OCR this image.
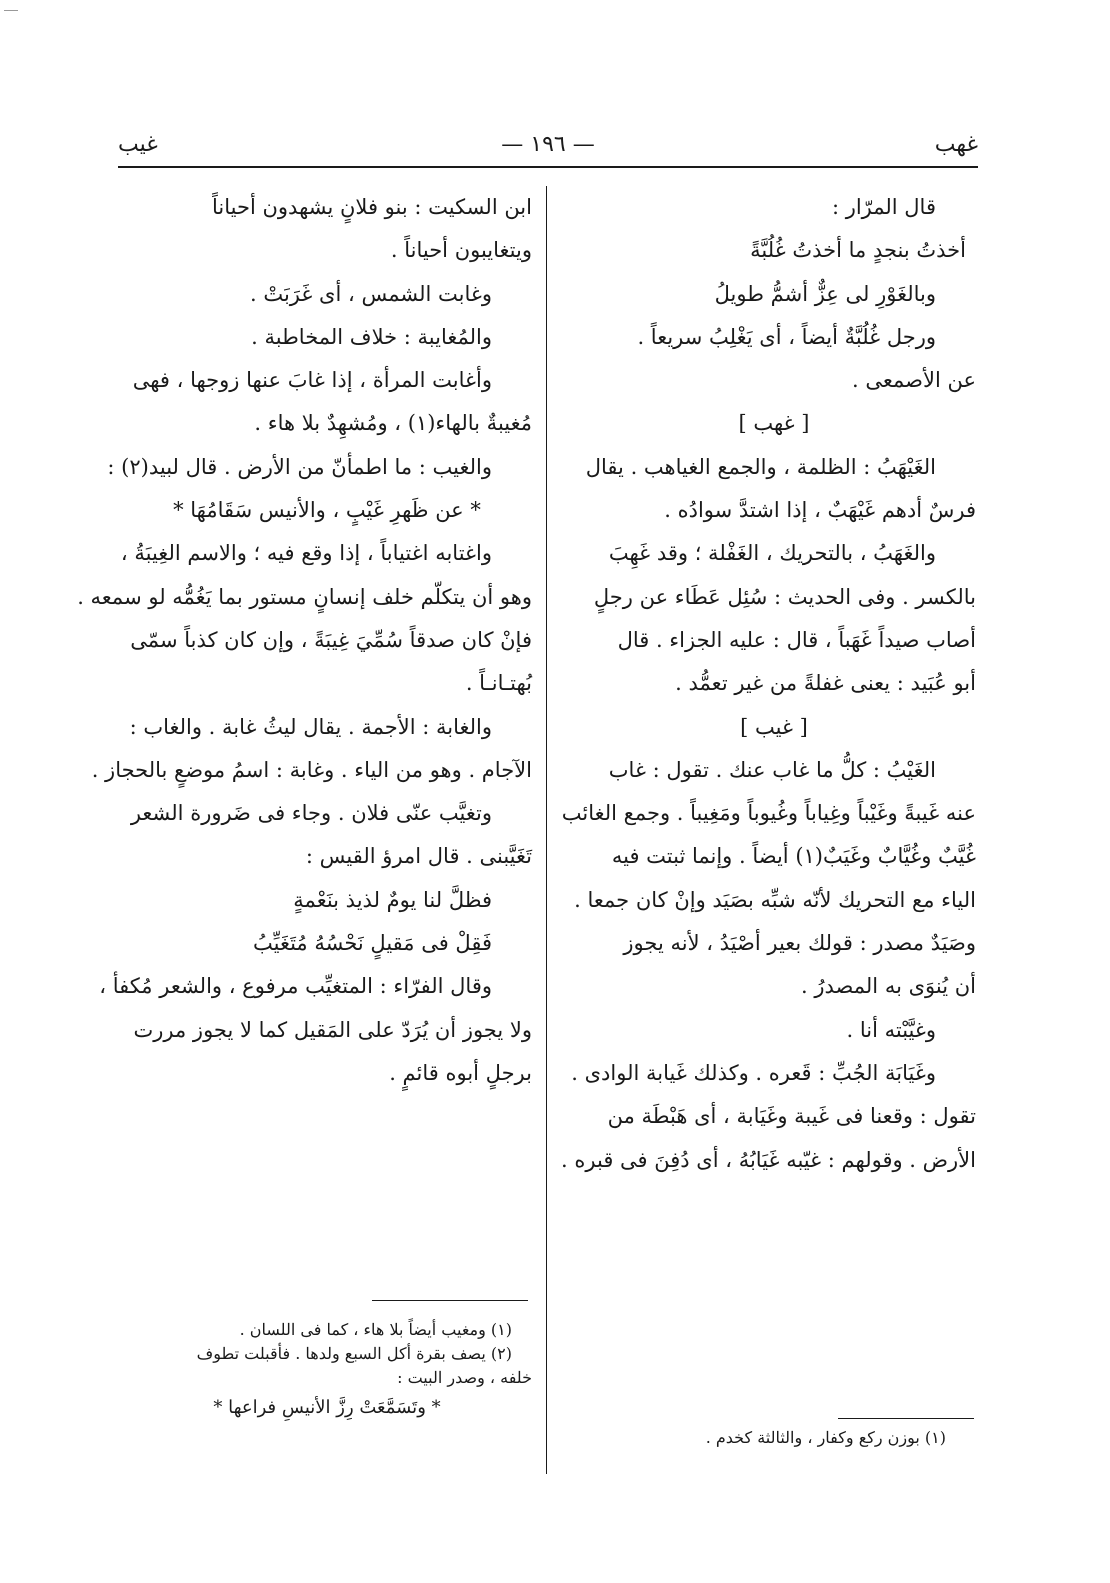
غهب
— ١٩٦ —
غيب
قال المرّار :
أخذتُ بنجدٍ ما أخذتُ غُلُبَّةً
وبالغَوْرِ لى عِزٌّ أشمُّ طويلُ
ورجل غُلُبَّةٌ أيضاً ، أى يَغْلِبُ سريعاً .
عن الأصمعى .
[ غهب ]
الغَيْهَبُ : الظلمة ، والجمع الغياهب . يقال
فرسٌ أدهم غَيْهَبٌ ، إذا اشتدَّ سوادُه .
والغَهَبُ ، بالتحريك ، الغَفْلة ؛ وقد غَهِبَ
بالكسر . وفى الحديث : سُئِل عَطَاء عن رجلٍ
أصاب صيداً غَهَباً ، قال : عليه الجزاء . قال
أبو عُبَيد : يعنى غفلةً من غير تعمُّد .
[ غيب ]
الغَيْبُ : كلُّ ما غاب عنك . تقول : غاب
عنه غَيبةً وغَيْباً وغِياباً وغُيوباً ومَغِيباً . وجمع الغائب
غُيَّبٌ وغُيَّابٌ وغَيَبٌ(١) أيضاً . وإنما ثبتت فيه
الياء مع التحريك لأنّه شبِّه بصَيَد وإنْ كان جمعا .
وصَيَدٌ مصدر : قولك بعير أصْيَدُ ، لأنه يجوز
أن يُنوَى به المصدرُ .
وغيَّبْته أنا .
وغَيَابَة الجُبِّ : قَعره . وكذلك غَيابة الوادى .
تقول : وقعنا فى غَيبة وغَيَابة ، أى هَبْطَة من
الأرض . وقولهم : غيّبه غَيَابُهُ ، أى دُفِنَ فى قبره .
(١) بوزن ركع وكفار ، والثالثة كخدم .
ابن السكيت : بنو فلانٍ يشهدون أحياناً
ويتغايبون أحياناً .
وغابت الشمس ، أى غَرَبَتْ .
والمُغايبة : خلاف المخاطبة .
وأغابت المرأة ، إذا غابَ عنها زوجها ، فهى
مُغيبةٌ بالهاء(١) ، ومُشهِدٌ بلا هاء .
والغيب : ما اطمأنّ من الأرض . قال لبيد(٢) :
* عن ظَهرِ غَيْبٍ ، والأنيس سَقَامُهَا *
واغتابه اغتياباً ، إذا وقع فيه ؛ والاسم الغِيبَةُ ،
وهو أن يتكلّم خلف إنسانٍ مستور بما يَغُمُّه لو سمعه .
فإنْ كان صدقاً سُمِّيَ غِيبَةً ، وإن كان كذباً سمّى
بُهتـانـاً .
والغابة : الأجمة . يقال ليثُ غابة . والغاب :
الآجام . وهو من الياء . وغابة : اسمُ موضعٍ بالحجاز .
وتغيَّب عنّى فلان . وجاء فى ضَرورة الشعر
تَغَيَّبنى . قال امرؤ القيس :
فظلَّ لنا يومٌ لذيذ بنَعْمةٍ
فَقِلْ فى مَقيلٍ نَحْسُهُ مُتَغَيِّبُ
وقال الفرّاء : المتغيِّب مرفوع ، والشعر مُكفأ ،
ولا يجوز أن يُرَدّ على المَقيل كما لا يجوز مررت
برجلٍ أبوه قائمٍ .
(١) ومغيب أيضاً بلا هاء ، كما فى اللسان .
(٢) يصف بقرة أكل السبع ولدها . فأقبلت تطوف
خلفه ، وصدر البيت :
* وتَسَمَّعَتْ رِزَّ الأنيسِ فراعها *
